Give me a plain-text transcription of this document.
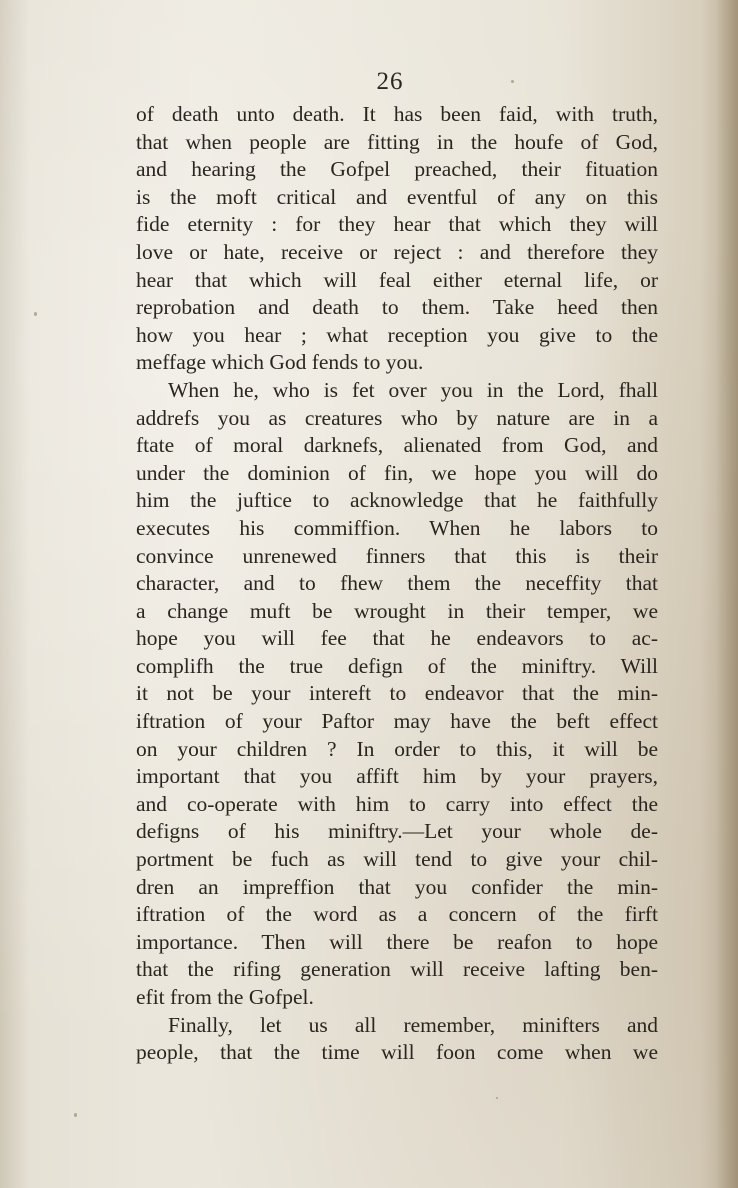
26
of death unto death. It has been faid, with truth,
that when people are fitting in the houfe of God,
and hearing the Gofpel preached, their fituation
is the moft critical and eventful of any on this
fide eternity : for they hear that which they will
love or hate, receive or reject : and therefore they
hear that which will feal either eternal life, or
reprobation and death to them. Take heed then
how you hear ; what reception you give to the
meffage which God fends to you.
When he, who is fet over you in the Lord, fhall
addrefs you as creatures who by nature are in a
ftate of moral darknefs, alienated from God, and
under the dominion of fin, we hope you will do
him the juftice to acknowledge that he faithfully
executes his commiffion. When he labors to
convince unrenewed finners that this is their
character, and to fhew them the neceffity that
a change muft be wrought in their temper, we
hope you will fee that he endeavors to ac-
complifh the true defign of the miniftry. Will
it not be your intereft to endeavor that the min-
iftration of your Paftor may have the beft effect
on your children ? In order to this, it will be
important that you affift him by your prayers,
and co-operate with him to carry into effect the
defigns of his miniftry.—Let your whole de-
portment be fuch as will tend to give your chil-
dren an impreffion that you confider the min-
iftration of the word as a concern of the firft
importance. Then will there be reafon to hope
that the rifing generation will receive lafting ben-
efit from the Gofpel.
Finally, let us all remember, minifters and
people, that the time will foon come when we
